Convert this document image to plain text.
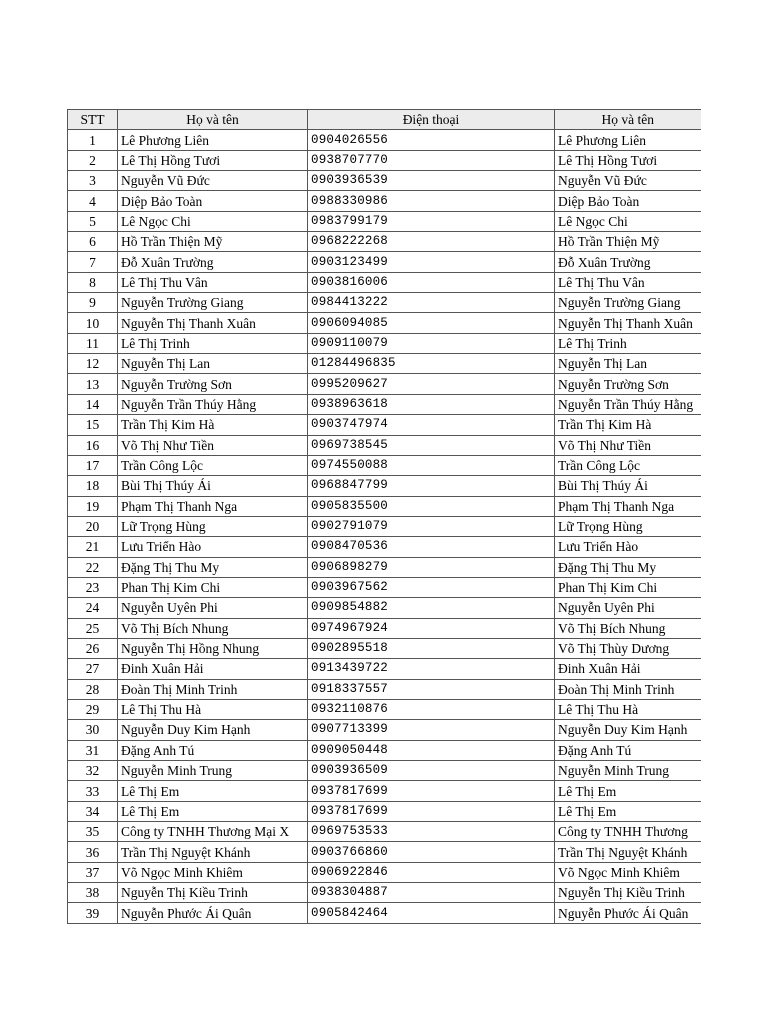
STT	Họ và tên	Điện thoại	Họ và tên
1	Lê Phương Liên	0904026556	Lê Phương Liên
2	Lê Thị Hồng Tươi	0938707770	Lê Thị Hồng Tươi
3	Nguyễn Vũ Đức	0903936539	Nguyễn Vũ Đức
4	Diệp Bảo Toàn	0988330986	Diệp Bảo Toàn
5	Lê Ngọc Chi	0983799179	Lê Ngọc Chi
6	Hồ Trần Thiện Mỹ	0968222268	Hồ Trần Thiện Mỹ
7	Đỗ Xuân Trường	0903123499	Đỗ Xuân Trường
8	Lê Thị Thu Vân	0903816006	Lê Thị Thu Vân
9	Nguyễn Trường Giang	0984413222	Nguyễn Trường Giang
10	Nguyễn Thị Thanh Xuân	0906094085	Nguyễn Thị Thanh Xuân
11	Lê Thị Trinh	0909110079	Lê Thị Trinh
12	Nguyễn Thị Lan	01284496835	Nguyễn Thị Lan
13	Nguyễn Trường Sơn	0995209627	Nguyễn Trường Sơn
14	Nguyễn Trần Thúy Hằng	0938963618	Nguyễn Trần Thúy Hằng
15	Trần Thị Kim Hà	0903747974	Trần Thị Kim Hà
16	Võ Thị Như Tiền	0969738545	Võ Thị Như Tiền
17	Trần Công Lộc	0974550088	Trần Công Lộc
18	Bùi Thị Thúy Ái	0968847799	Bùi Thị Thúy Ái
19	Phạm Thị Thanh Nga	0905835500	Phạm Thị Thanh Nga
20	Lữ Trọng Hùng	0902791079	Lữ Trọng Hùng
21	Lưu Triển Hào	0908470536	Lưu Triển Hào
22	Đặng Thị Thu My	0906898279	Đặng Thị Thu My
23	Phan Thị Kim Chi	0903967562	Phan Thị Kim Chi
24	Nguyễn Uyên Phi	0909854882	Nguyễn Uyên Phi
25	Võ Thị Bích Nhung	0974967924	Võ Thị Bích Nhung
26	Nguyễn Thị Hồng Nhung	0902895518	Võ Thị Thùy Dương
27	Đinh Xuân Hải	0913439722	Đinh Xuân Hải
28	Đoàn Thị Minh Trinh	0918337557	Đoàn Thị Minh Trinh
29	Lê Thị Thu Hà	0932110876	Lê Thị Thu Hà
30	Nguyễn Duy Kim Hạnh	0907713399	Nguyễn Duy Kim Hạnh
31	Đặng Anh Tú	0909050448	Đặng Anh Tú
32	Nguyễn Minh Trung	0903936509	Nguyễn Minh Trung
33	Lê Thị Em	0937817699	Lê Thị Em
34	Lê Thị Em	0937817699	Lê Thị Em
35	Công ty TNHH Thương Mại X	0969753533	Công ty TNHH Thương
36	Trần Thị Nguyệt Khánh	0903766860	Trần Thị Nguyệt Khánh
37	Võ Ngọc Minh Khiêm	0906922846	Võ Ngọc Minh Khiêm
38	Nguyễn Thị Kiều Trinh	0938304887	Nguyễn Thị Kiều Trinh
39	Nguyễn Phước Ái Quân	0905842464	Nguyễn Phước Ái Quân
